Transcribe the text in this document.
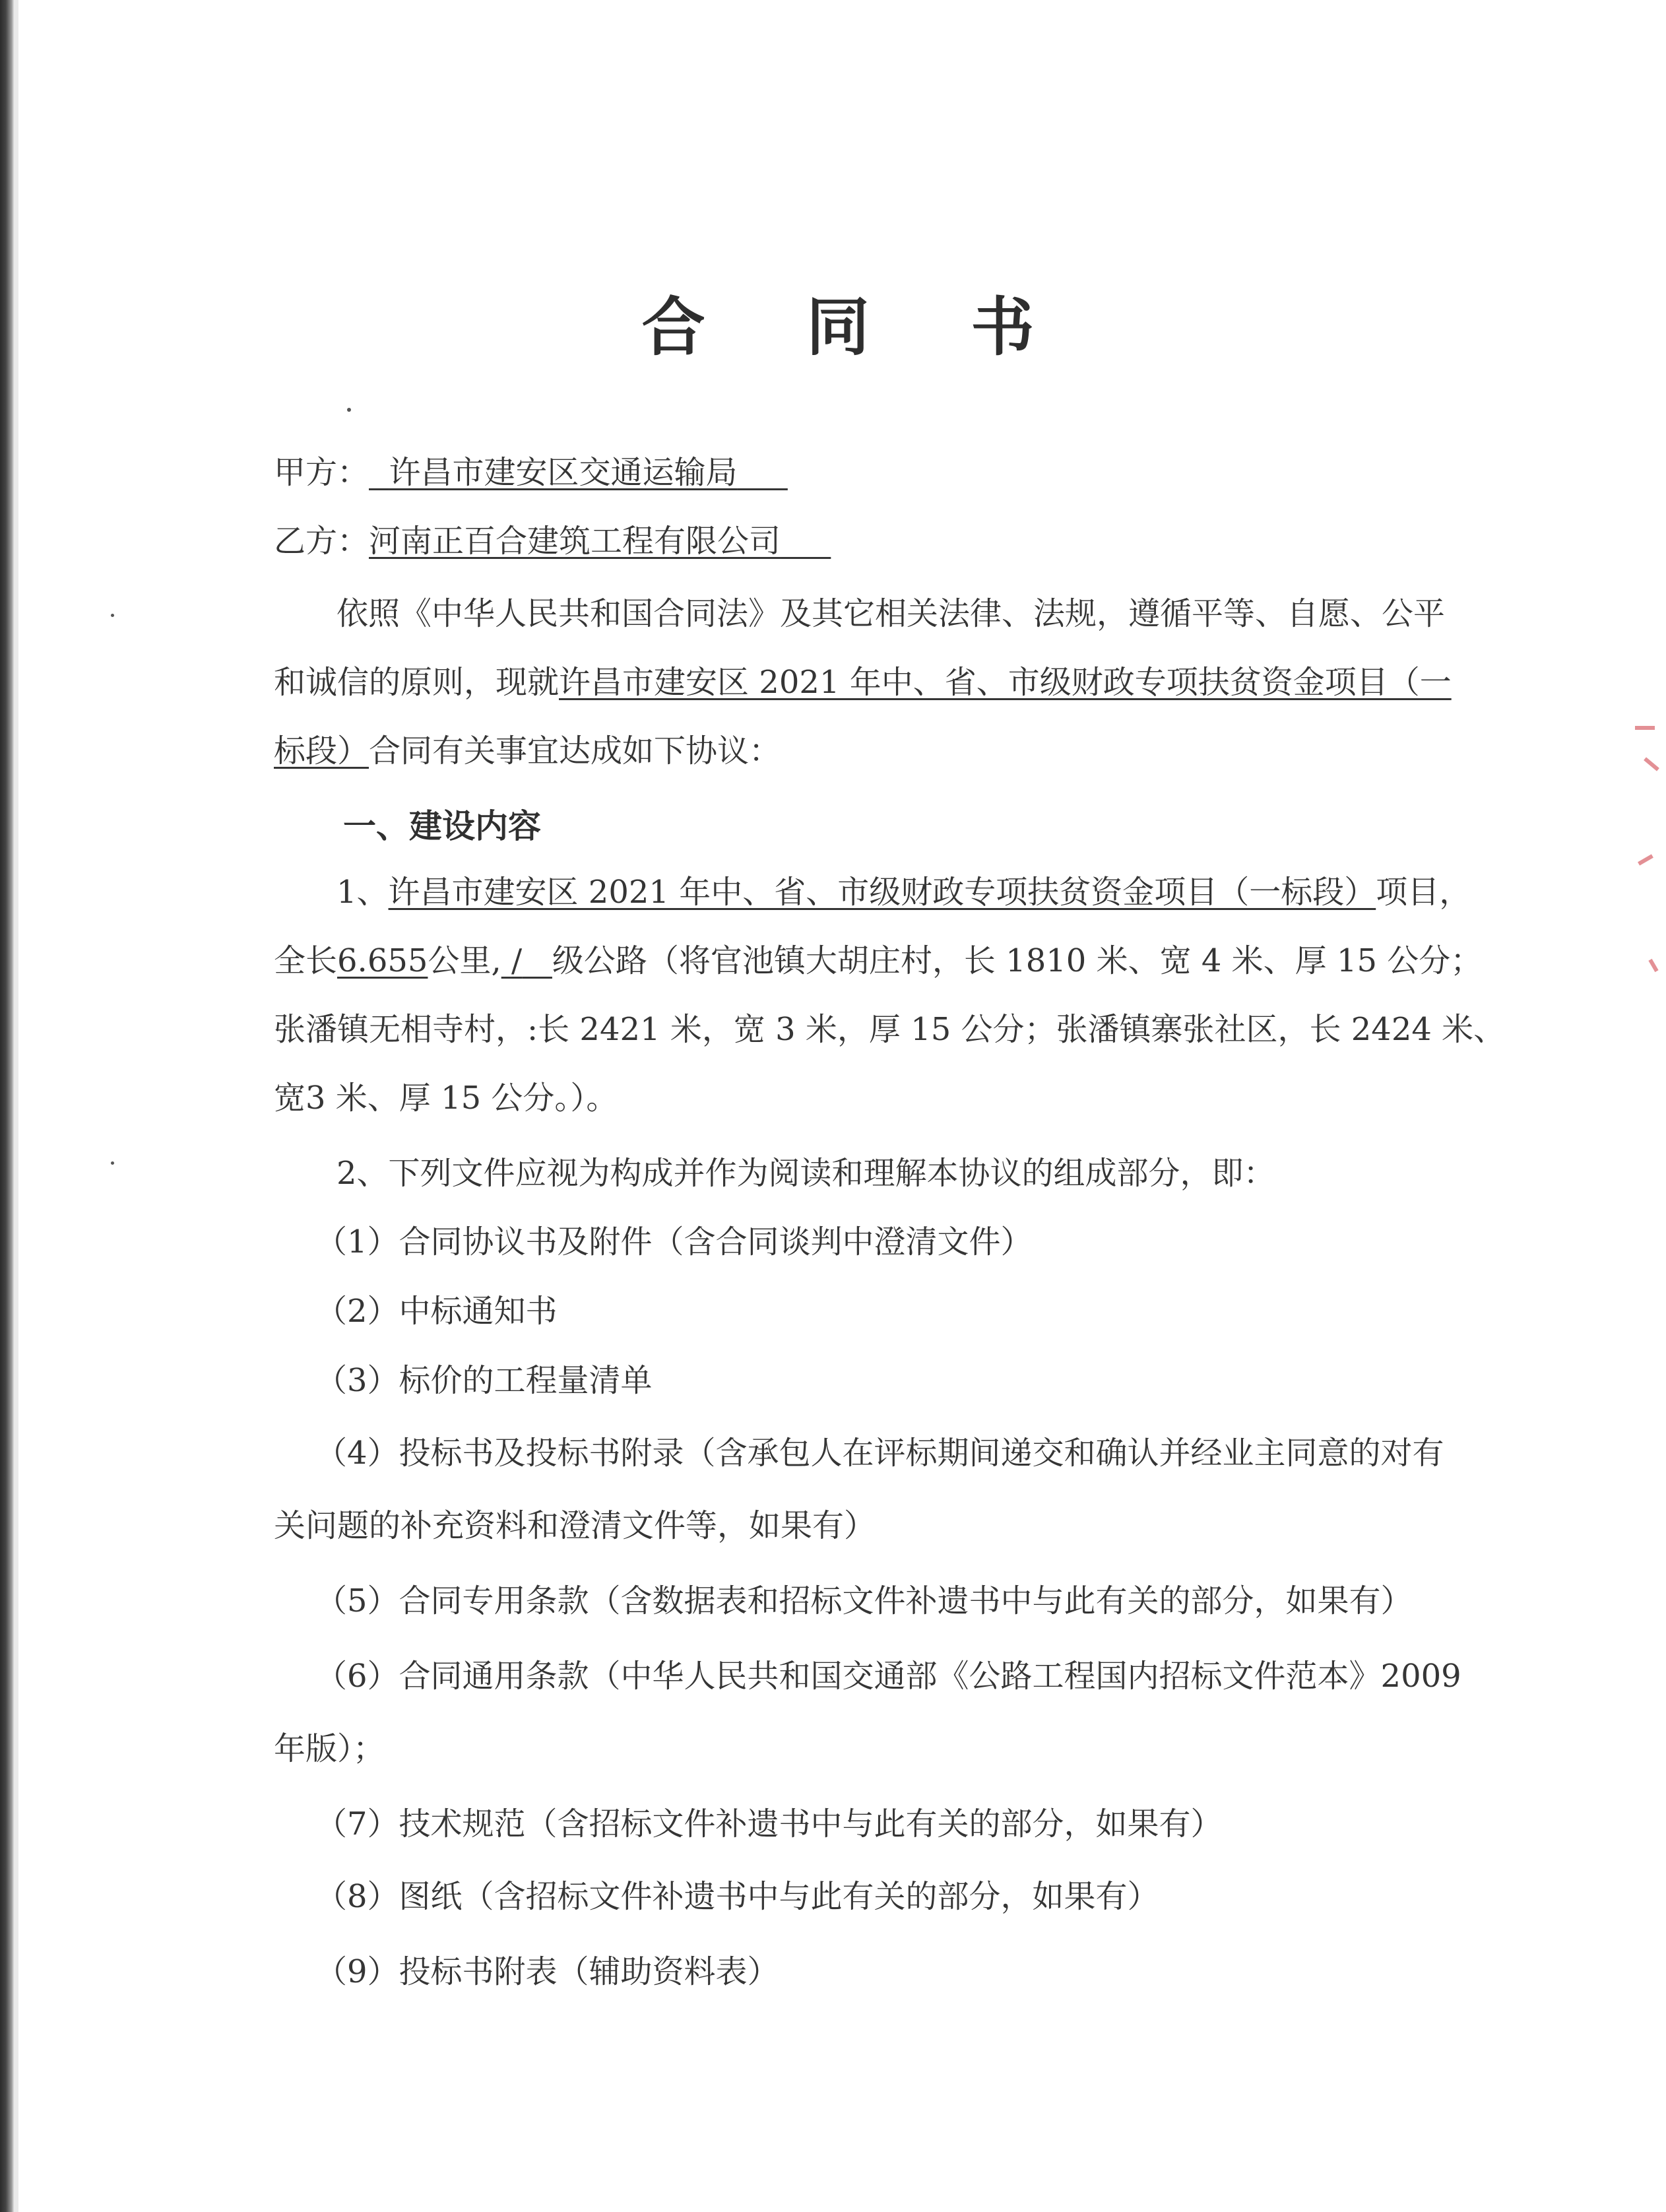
合 同 书
甲方： 许昌市建安区交通运输局
乙方：河南正百合建筑工程有限公司
依照《中华人民共和国合同法》及其它相关法律、法规，遵循平等、自愿、公平
和诚信的原则，现就许昌市建安区 2021 年中、省、市级财政专项扶贫资金项目（一
标段）合同有关事宜达成如下协议：
一、建设内容
1、许昌市建安区 2021 年中、省、市级财政专项扶贫资金项目（一标段）项目，
全长6.655公里, / 级公路（将官池镇大胡庄村，长 1810 米、宽 4 米、厚 15 公分；
张潘镇无相寺村，:长 2421 米，宽 3 米，厚 15 公分；张潘镇寨张社区，长 2424 米、
宽3 米、厚 15 公分。）。
2、下列文件应视为构成并作为阅读和理解本协议的组成部分，即：
（1）合同协议书及附件（含合同谈判中澄清文件）
（2）中标通知书
（3）标价的工程量清单
（4）投标书及投标书附录（含承包人在评标期间递交和确认并经业主同意的对有
关问题的补充资料和澄清文件等，如果有）
（5）合同专用条款（含数据表和招标文件补遗书中与此有关的部分，如果有）
（6）合同通用条款（中华人民共和国交通部《公路工程国内招标文件范本》2009
年版）；
（7）技术规范（含招标文件补遗书中与此有关的部分，如果有）
（8）图纸（含招标文件补遗书中与此有关的部分，如果有）
（9）投标书附表（辅助资料表）
